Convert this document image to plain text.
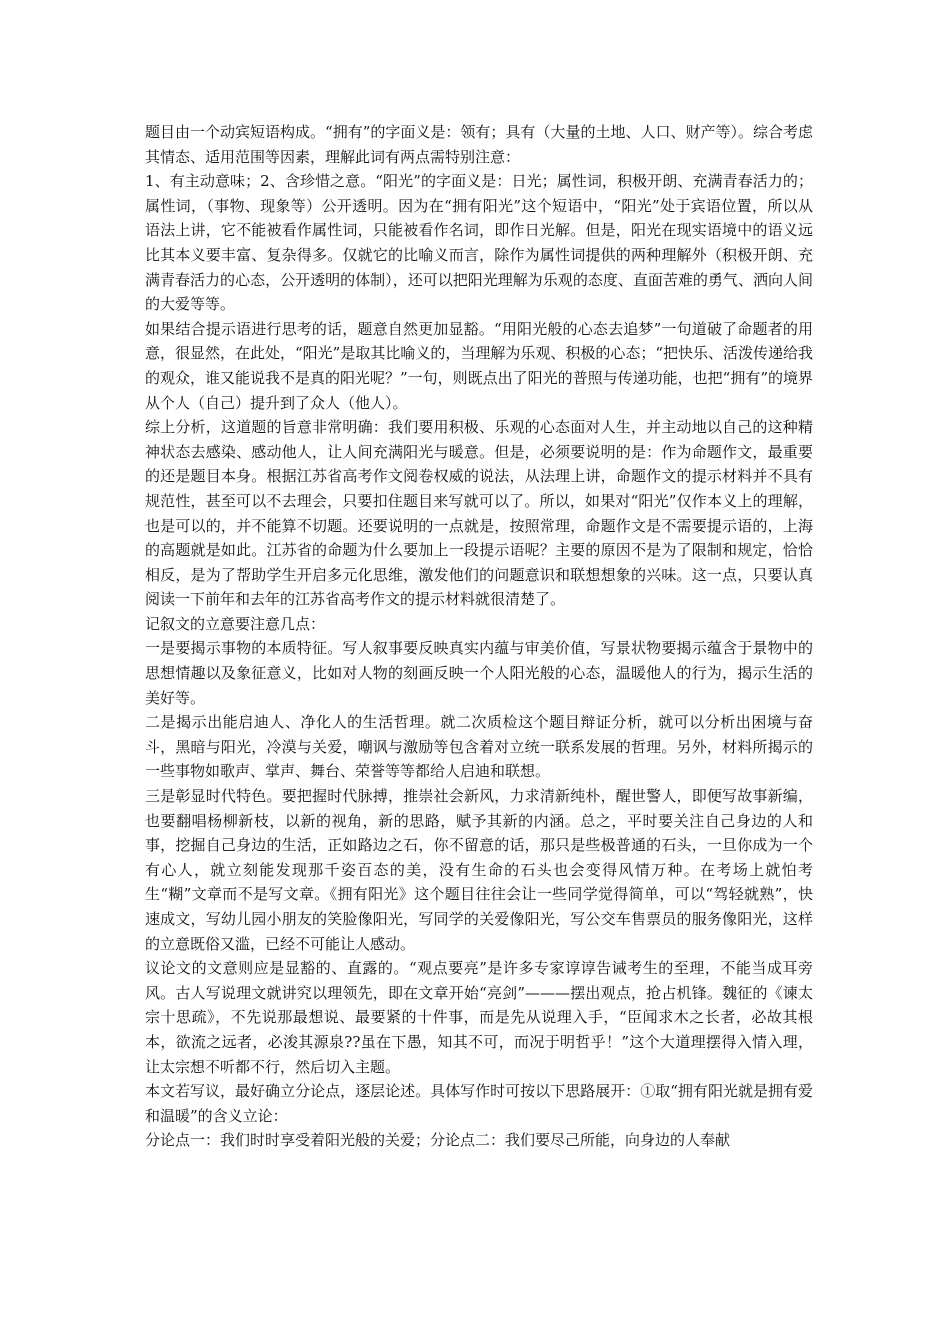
题目由一个动宾短语构成。“拥有”的字面义是：领有；具有（大量的土地、人口、财产等）。综合考虑其情态、适用范围等因素，理解此词有两点需特别注意：

1、有主动意味；2、含珍惜之意。“阳光”的字面义是：日光；属性词，积极开朗、充满青春活力的；属性词，（事物、现象等）公开透明。因为在“拥有阳光”这个短语中，“阳光”处于宾语位置，所以从语法上讲，它不能被看作属性词，只能被看作名词，即作日光解。但是，阳光在现实语境中的语义远比其本义要丰富、复杂得多。仅就它的比喻义而言，除作为属性词提供的两种理解外（积极开朗、充满青春活力的心态，公开透明的体制），还可以把阳光理解为乐观的态度、直面苦难的勇气、洒向人间的大爱等等。

如果结合提示语进行思考的话，题意自然更加显豁。“用阳光般的心态去追梦”一句道破了命题者的用意，很显然，在此处，“阳光”是取其比喻义的，当理解为乐观、积极的心态；“把快乐、活泼传递给我的观众，谁又能说我不是真的阳光呢？”一句，则既点出了阳光的普照与传递功能，也把“拥有”的境界从个人（自己）提升到了众人（他人）。

综上分析，这道题的旨意非常明确：我们要用积极、乐观的心态面对人生，并主动地以自己的这种精神状态去感染、感动他人，让人间充满阳光与暖意。但是，必须要说明的是：作为命题作文，最重要的还是题目本身。根据江苏省高考作文阅卷权威的说法，从法理上讲，命题作文的提示材料并不具有规范性，甚至可以不去理会，只要扣住题目来写就可以了。所以，如果对“阳光”仅作本义上的理解，也是可以的，并不能算不切题。还要说明的一点就是，按照常理，命题作文是不需要提示语的，上海的高题就是如此。江苏省的命题为什么要加上一段提示语呢？主要的原因不是为了限制和规定，恰恰相反，是为了帮助学生开启多元化思维，激发他们的问题意识和联想想象的兴味。这一点，只要认真阅读一下前年和去年的江苏省高考作文的提示材料就很清楚了。

记叙文的立意要注意几点：

一是要揭示事物的本质特征。写人叙事要反映真实内蕴与审美价值，写景状物要揭示蕴含于景物中的思想情趣以及象征意义，比如对人物的刻画反映一个人阳光般的心态，温暖他人的行为，揭示生活的美好等。

二是揭示出能启迪人、净化人的生活哲理。就二次质检这个题目辩证分析，就可以分析出困境与奋斗，黑暗与阳光，冷漠与关爱，嘲讽与激励等包含着对立统一联系发展的哲理。另外，材料所揭示的一些事物如歌声、掌声、舞台、荣誉等等都给人启迪和联想。

三是彰显时代特色。要把握时代脉搏，推崇社会新风，力求清新纯朴，醒世警人，即便写故事新编，也要翻唱杨柳新枝，以新的视角，新的思路，赋予其新的内涵。总之，平时要关注自己身边的人和事，挖掘自己身边的生活，正如路边之石，你不留意的话，那只是些极普通的石头，一旦你成为一个有心人，就立刻能发现那千姿百态的美，没有生命的石头也会变得风情万种。在考场上就怕考生“糊”文章而不是写文章。《拥有阳光》这个题目往往会让一些同学觉得简单，可以“驾轻就熟”，快速成文，写幼儿园小朋友的笑脸像阳光，写同学的关爱像阳光，写公交车售票员的服务像阳光，这样的立意既俗又滥，已经不可能让人感动。

议论文的文意则应是显豁的、直露的。“观点要亮”是许多专家谆谆告诫考生的至理，不能当成耳旁风。古人写说理文就讲究以理领先，即在文章开始“亮剑”———摆出观点，抢占机锋。魏征的《谏太宗十思疏》，不先说那最想说、最要紧的十件事，而是先从说理入手，“臣闻求木之长者，必故其根本，欲流之远者，必浚其源泉??虽在下愚，知其不可，而况于明哲乎！”这个大道理摆得入情入理，让太宗想不听都不行，然后切入主题。

本文若写议，最好确立分论点，逐层论述。具体写作时可按以下思路展开：①取“拥有阳光就是拥有爱和温暖”的含义立论：

分论点一：我们时时享受着阳光般的关爱；分论点二：我们要尽己所能，向身边的人奉献
